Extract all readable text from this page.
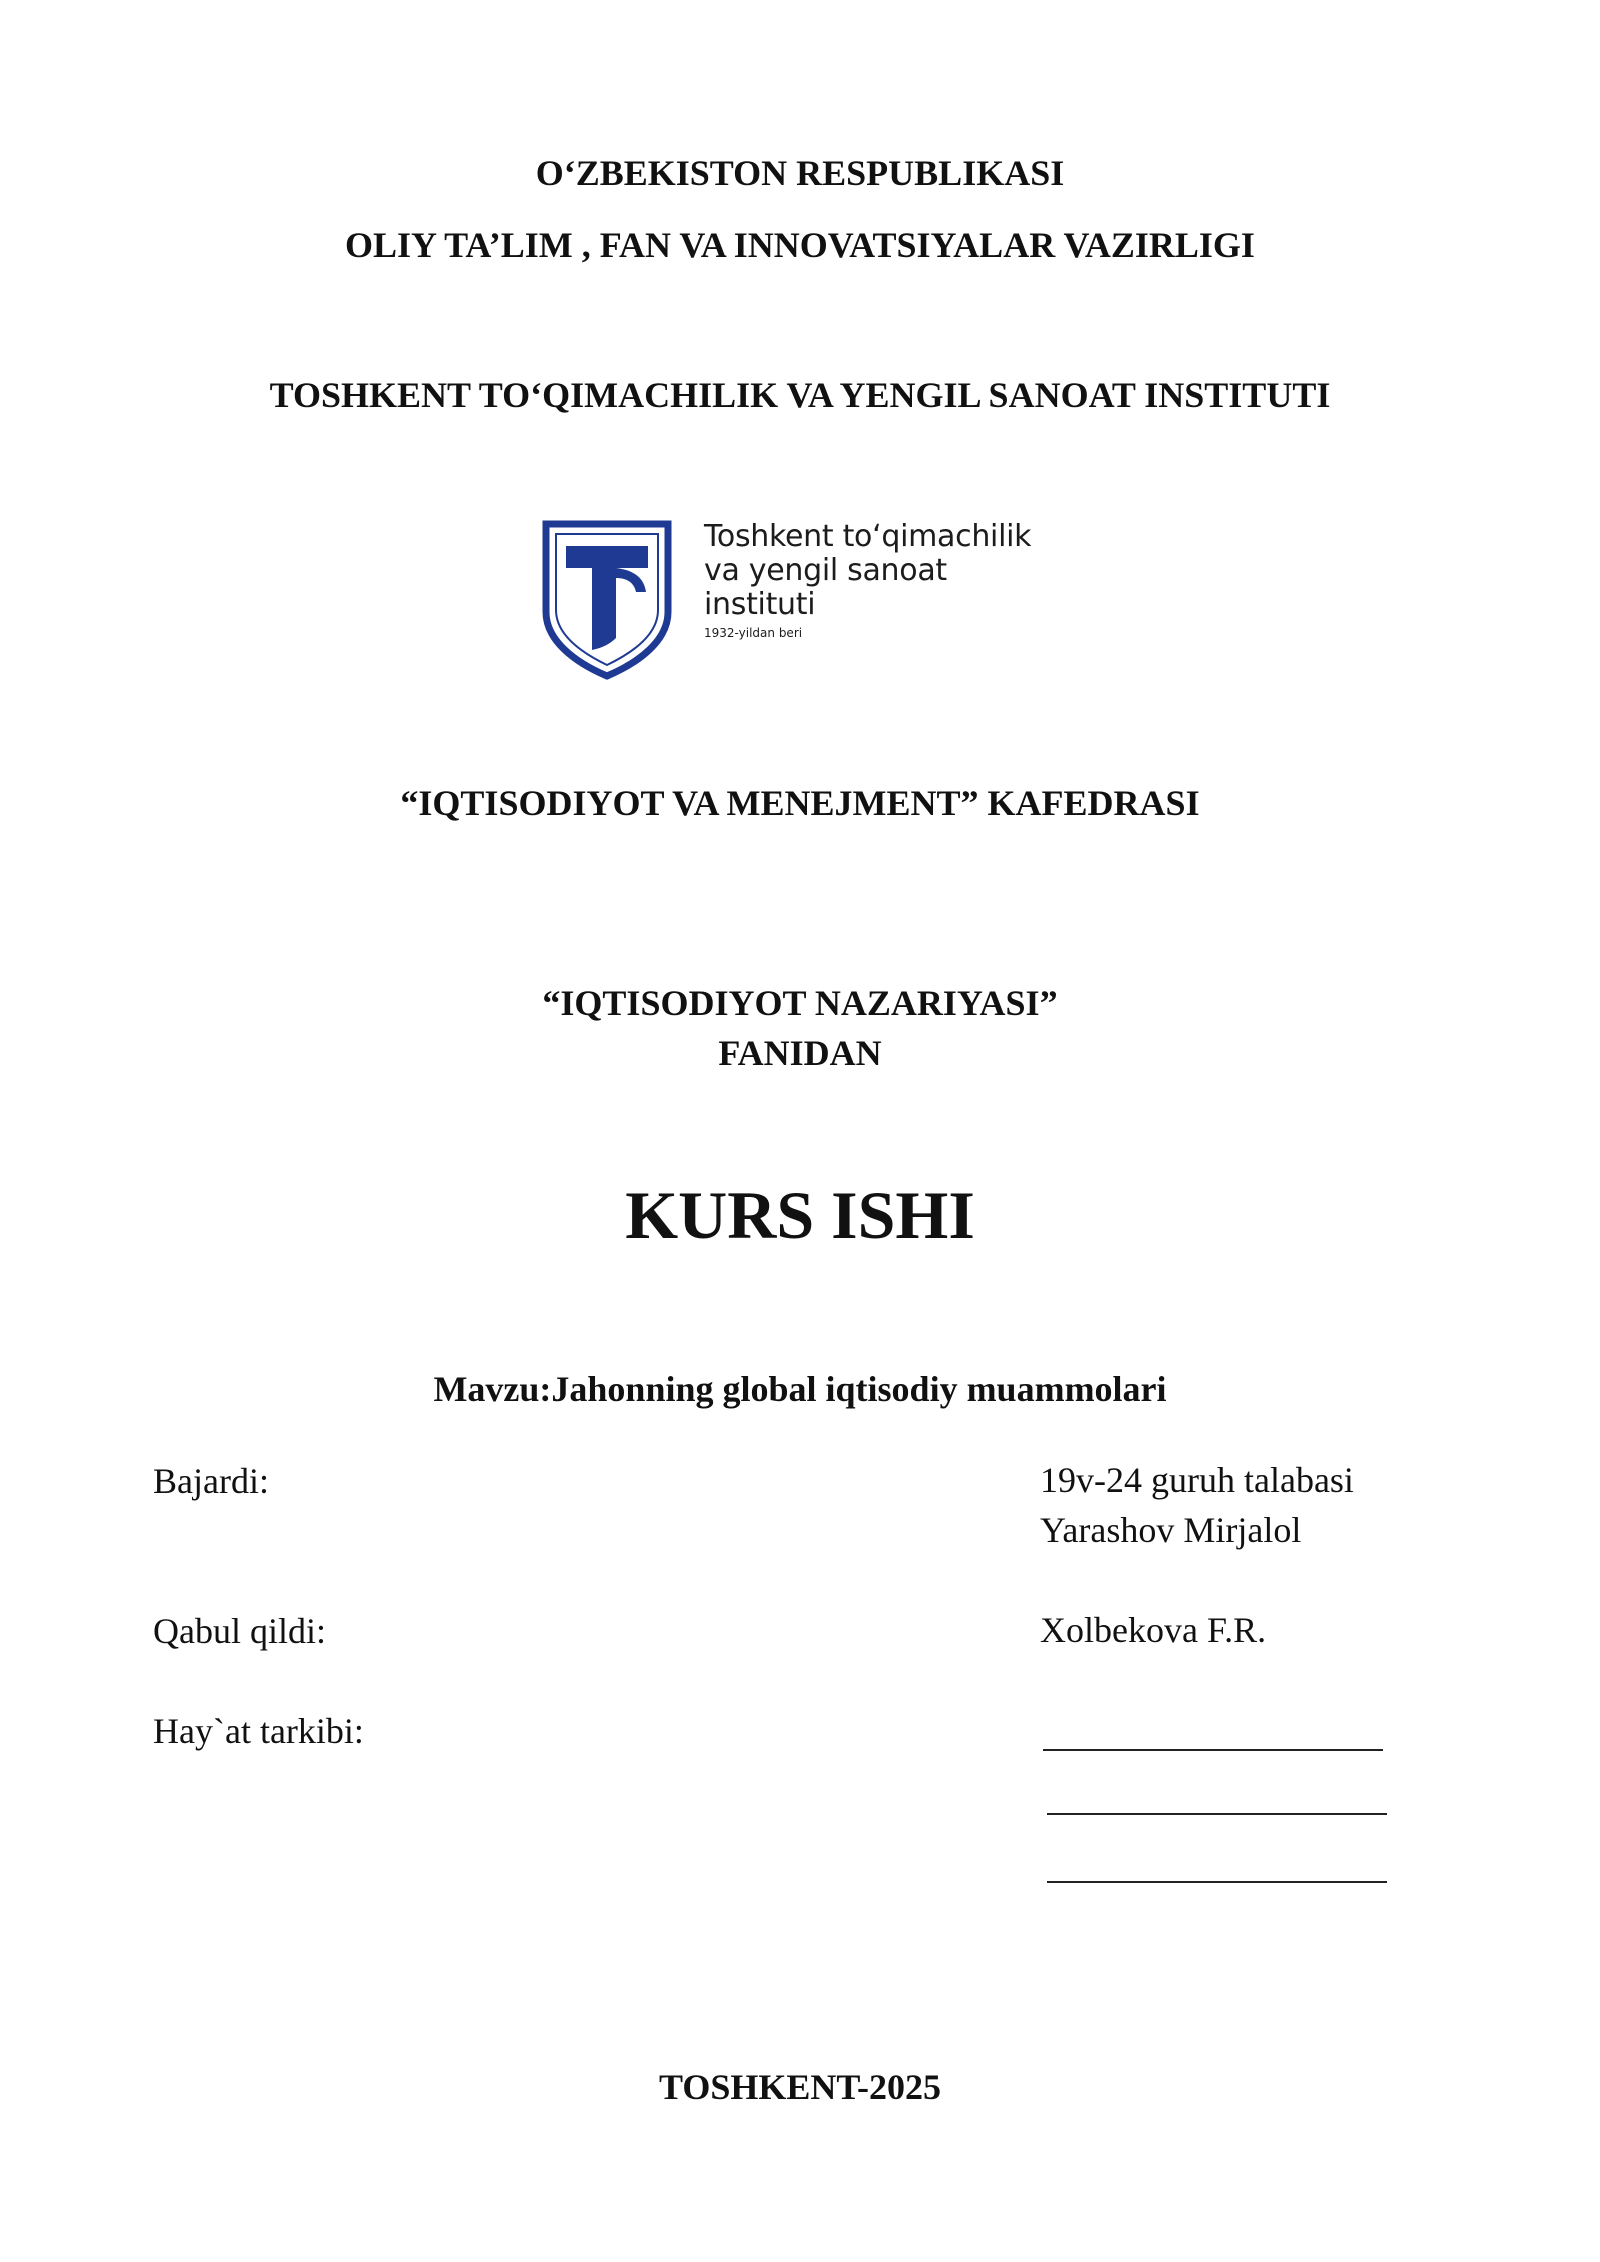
O‘ZBEKISTON RESPUBLIKASI
OLIY TA’LIM , FAN VA INNOVATSIYALAR VAZIRLIGI
TOSHKENT TO‘QIMACHILIK VA YENGIL SANOAT INSTITUTI
Toshkent to‘qimachilik
va yengil sanoat
instituti
1932-yildan beri
“IQTISODIYOT VA MENEJMENT” KAFEDRASI
“IQTISODIYOT NAZARIYASI”
FANIDAN
KURS ISHI
Mavzu:Jahonning global iqtisodiy muammolari
Bajardi:	19v-24 guruh talabasi
Yarashov Mirjalol
Qabul qildi:	Xolbekova F.R.
Hay`at tarkibi:
TOSHKENT-2025
